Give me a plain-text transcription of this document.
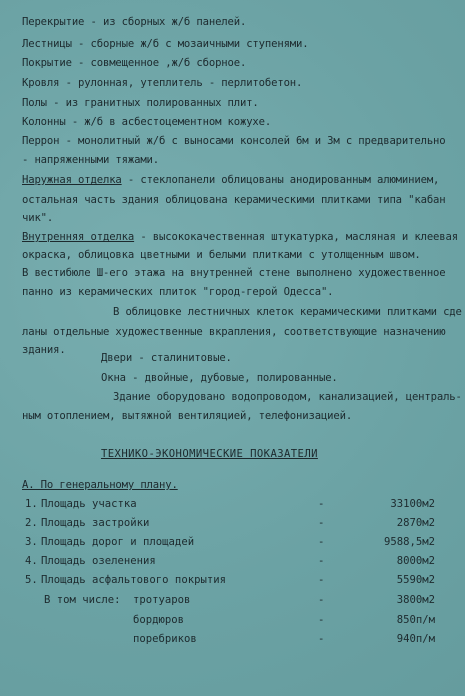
Перекрытие - из сборных ж/б панелей.
Лестницы - сборные ж/б с мозаичными ступенями.
Покрытие - совмещенное ,ж/б сборное.
Кровля - рулонная, утеплитель - перлитобетон.
Полы - из гранитных полированных плит.
Колонны - ж/б в асбестоцементном кожухе.
Перрон - монолитный ж/б с выносами консолей 6м и 3м с предварительно
- напряженными тяжами.
Наружная отделка - стеклопанели облицованы анодированным алюминием,
остальная часть здания облицована керамическими плитками типа "кабан
чик".
Внутренняя отделка - высококачественная штукатурка, масляная и клеевая
окраска, облицовка цветными и белыми плитками с утолщенным швом.
В вестибюле Ш-его этажа на внутренней стене выполнено художественное
панно из керамических плиток "город-герой Одесса".
В облицовке лестничных клеток керамическими плитками сде
ланы отдельные художественные вкрапления, соответствующие назначению
здания.
Двери - сталинитовые.
Окна - двойные, дубовые, полированные.
Здание оборудовано водопроводом, канализацией, централь-
ным отоплением, вытяжной вентиляцией, телефонизацией.
ТЕХНИКО-ЭКОНОМИЧЕСКИЕ ПОКАЗАТЕЛИ
А. По генеральному плану.
1. Площадь участка	-	33100м2
2. Площадь застройки	-	2870м2
3. Площадь дорог и площадей	-	9588,5м2
4. Площадь озеленения	-	8000м2
5. Площадь асфальтового покрытия	-	5590м2
В том числе: тротуаров	-	3800м2
бордюров	-	850п/м
поребриков	-	940п/м
